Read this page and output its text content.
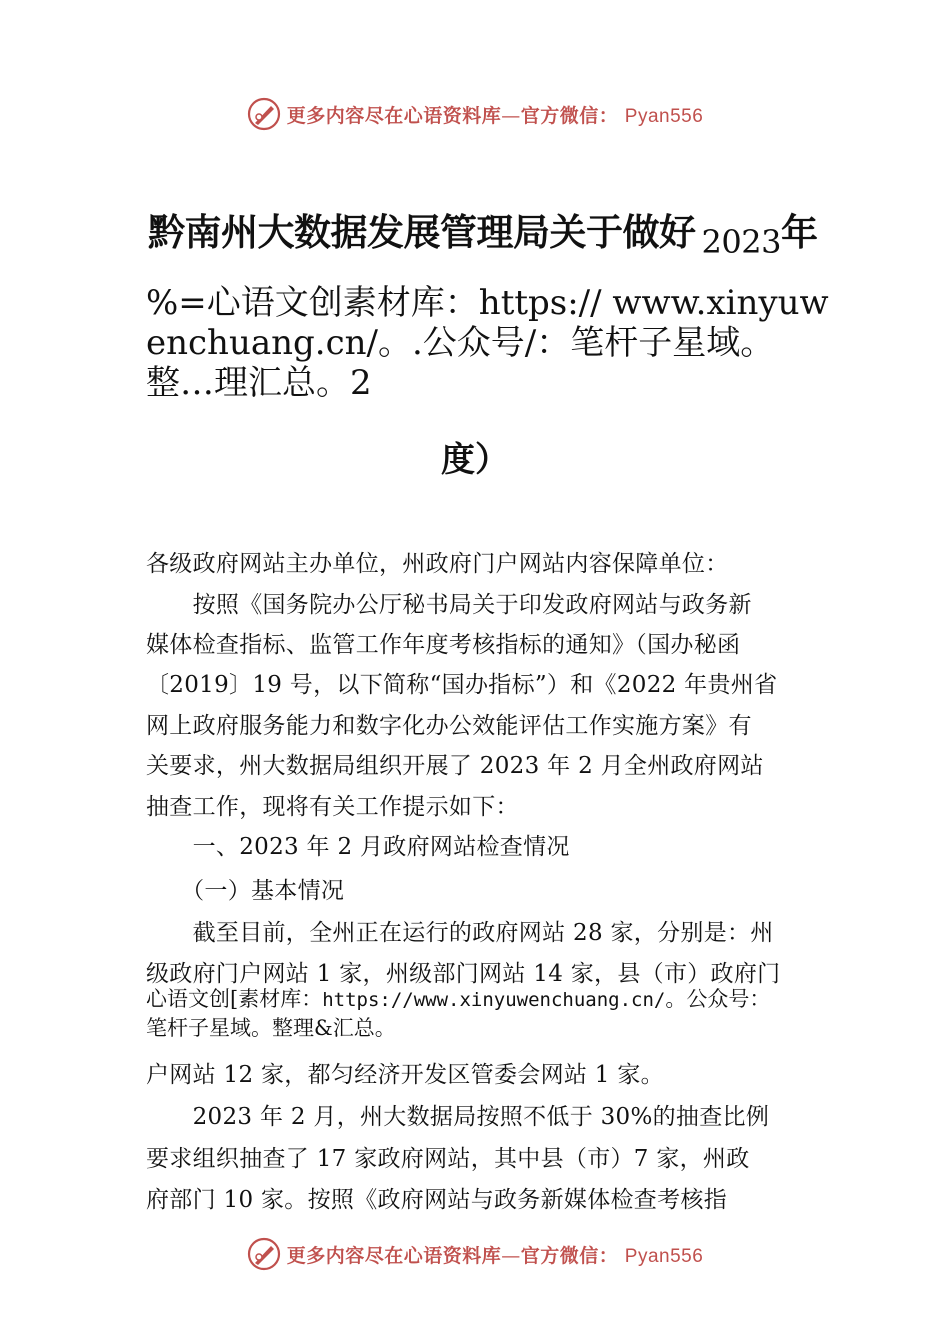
更多内容尽在心语资料库—官方微信： Pyan556
黔南州大数据发展管理局关于做好 2023年
%=心语文创素材库：https:// www.xinyuwenchuang.cn/。.公众号/：笔杆子星域。整…理汇总。2
度）
各级政府网站主办单位，州政府门户网站内容保障单位：
　　按照《国务院办公厅秘书局关于印发政府网站与政务新
媒体检查指标、监管工作年度考核指标的通知》（国办秘函
〔2019〕19 号，以下简称“国办指标”）和《2022 年贵州省
网上政府服务能力和数字化办公效能评估工作实施方案》有
关要求，州大数据局组织开展了 2023 年 2 月全州政府网站
抽查工作，现将有关工作提示如下：
　　一、2023 年 2 月政府网站检查情况
　　（一）基本情况
　　截至目前，全州正在运行的政府网站 28 家，分别是：州
级政府门户网站 1 家，州级部门网站 14 家，县（市）政府门
心语文创[素材库：https://www.xinyuwenchuang.cn/。公众号：
笔杆子星域。整理&汇总。
户网站 12 家，都匀经济开发区管委会网站 1 家。
　　2023 年 2 月，州大数据局按照不低于 30%的抽查比例
要求组织抽查了 17 家政府网站，其中县（市）7 家，州政
府部门 10 家。按照《政府网站与政务新媒体检查考核指
更多内容尽在心语资料库—官方微信： Pyan556
